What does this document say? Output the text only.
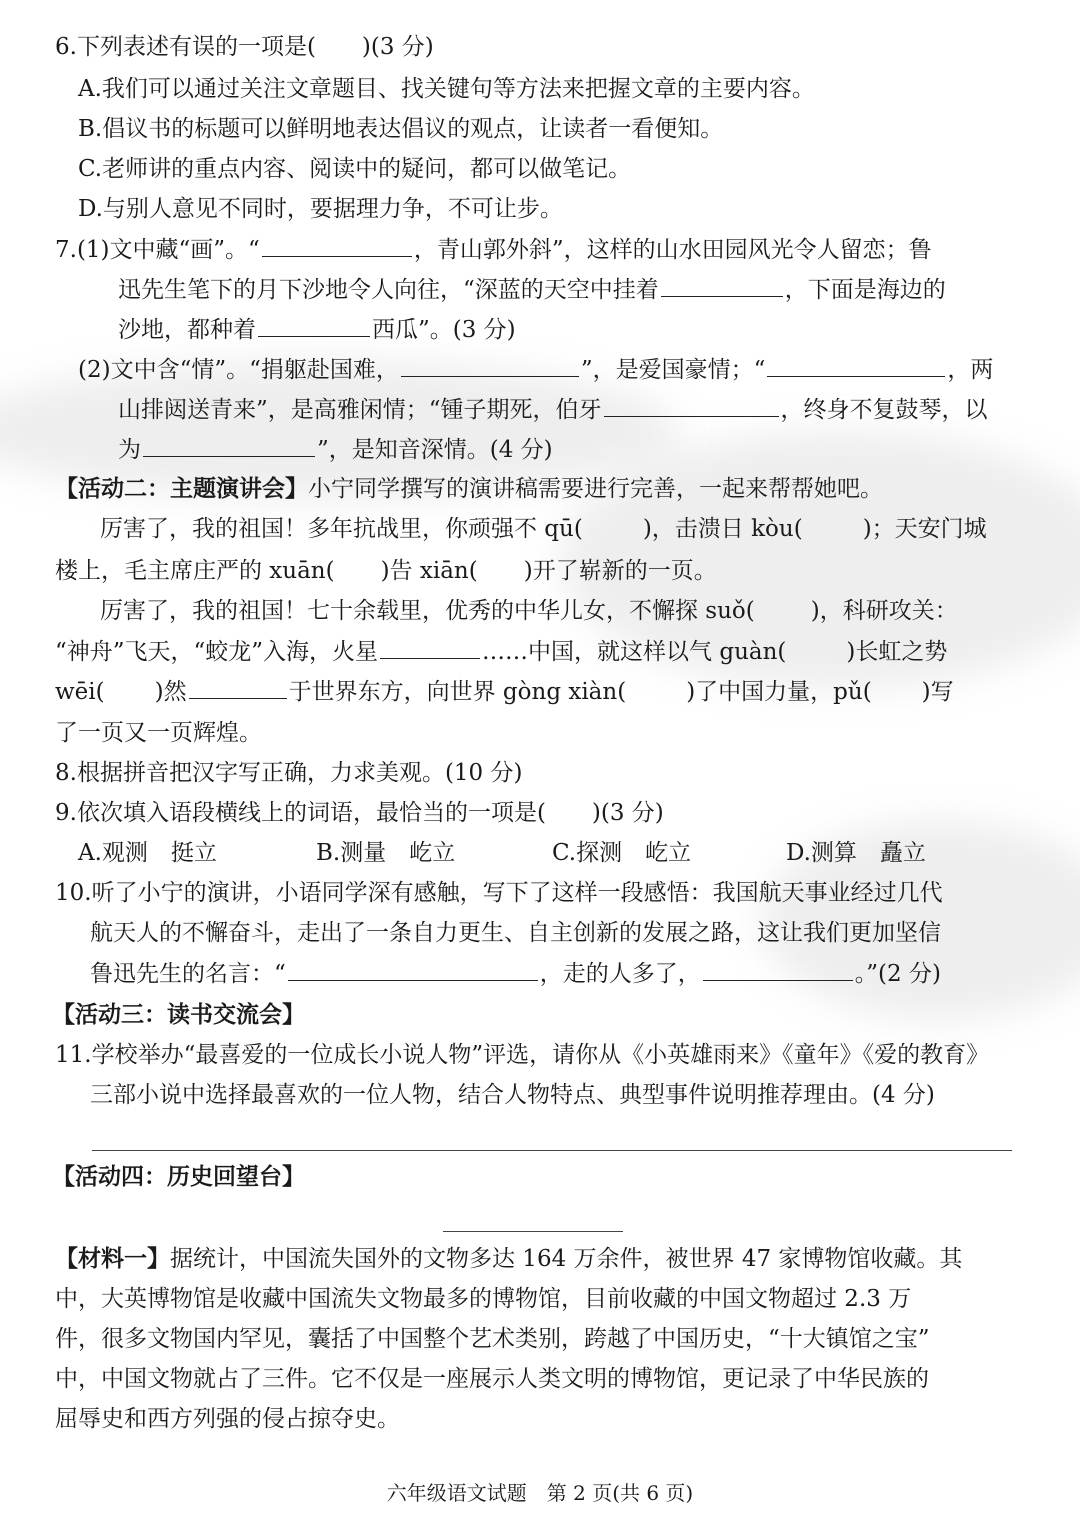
6.下列表述有误的一项是(　　)(3 分)
A.我们可以通过关注文章题目、找关键句等方法来把握文章的主要内容。
B.倡议书的标题可以鲜明地表达倡议的观点，让读者一看便知。
C.老师讲的重点内容、阅读中的疑问，都可以做笔记。
D.与别人意见不同时，要据理力争，不可让步。
7.(1)文中藏“画”。“	，青山郭外斜”，这样的山水田园风光令人留恋；鲁
迅先生笔下的月下沙地令人向往，“深蓝的天空中挂着	，下面是海边的
沙地，都种着	西瓜”。(3 分)
(2)文中含“情”。“捐躯赴国难，	”，是爱国豪情；“	，两
山排闼送青来”，是高雅闲情；“锺子期死，伯牙	，终身不复鼓琴，以
为	”，是知音深情。(4 分)
【活动二：主题演讲会】小宁同学撰写的演讲稿需要进行完善，一起来帮帮她吧。
厉害了，我的祖国！多年抗战里，你顽强不 qū(	)，击溃日 kòu(	)；天安门城
楼上，毛主席庄严的 xuān( )告 xiān( )开了崭新的一页。
厉害了，我的祖国！七十余载里，优秀的中华儿女，不懈探 suǒ( )，科研攻关：
“神舟”飞天，“蛟龙”入海，火星	……中国，就这样以气 guàn(	)长虹之势
wēi( )然	于世界东方，向世界 gòng xiàn(	)了中国力量，pǔ( )写
了一页又一页辉煌。
8.根据拼音把汉字写正确，力求美观。(10 分)
9.依次填入语段横线上的词语，最恰当的一项是(　　)(3 分)
A.观测　挺立	B.测量　屹立	C.探测　屹立	D.测算　矗立
10.听了小宁的演讲，小语同学深有感触，写下了这样一段感悟：我国航天事业经过几代
航天人的不懈奋斗，走出了一条自力更生、自主创新的发展之路，这让我们更加坚信
鲁迅先生的名言：“	，走的人多了，	。”(2 分)
【活动三：读书交流会】
11.学校举办“最喜爱的一位成长小说人物”评选，请你从《小英雄雨来》《童年》《爱的教育》
三部小说中选择最喜欢的一位人物，结合人物特点、典型事件说明推荐理由。(4 分)
【活动四：历史回望台】
【材料一】据统计，中国流失国外的文物多达 164 万余件，被世界 47 家博物馆收藏。其
中，大英博物馆是收藏中国流失文物最多的博物馆，目前收藏的中国文物超过 2.3 万
件，很多文物国内罕见，囊括了中国整个艺术类别，跨越了中国历史，“十大镇馆之宝”
中，中国文物就占了三件。它不仅是一座展示人类文明的博物馆，更记录了中华民族的
屈辱史和西方列强的侵占掠夺史。
六年级语文试题　第 2 页(共 6 页)
